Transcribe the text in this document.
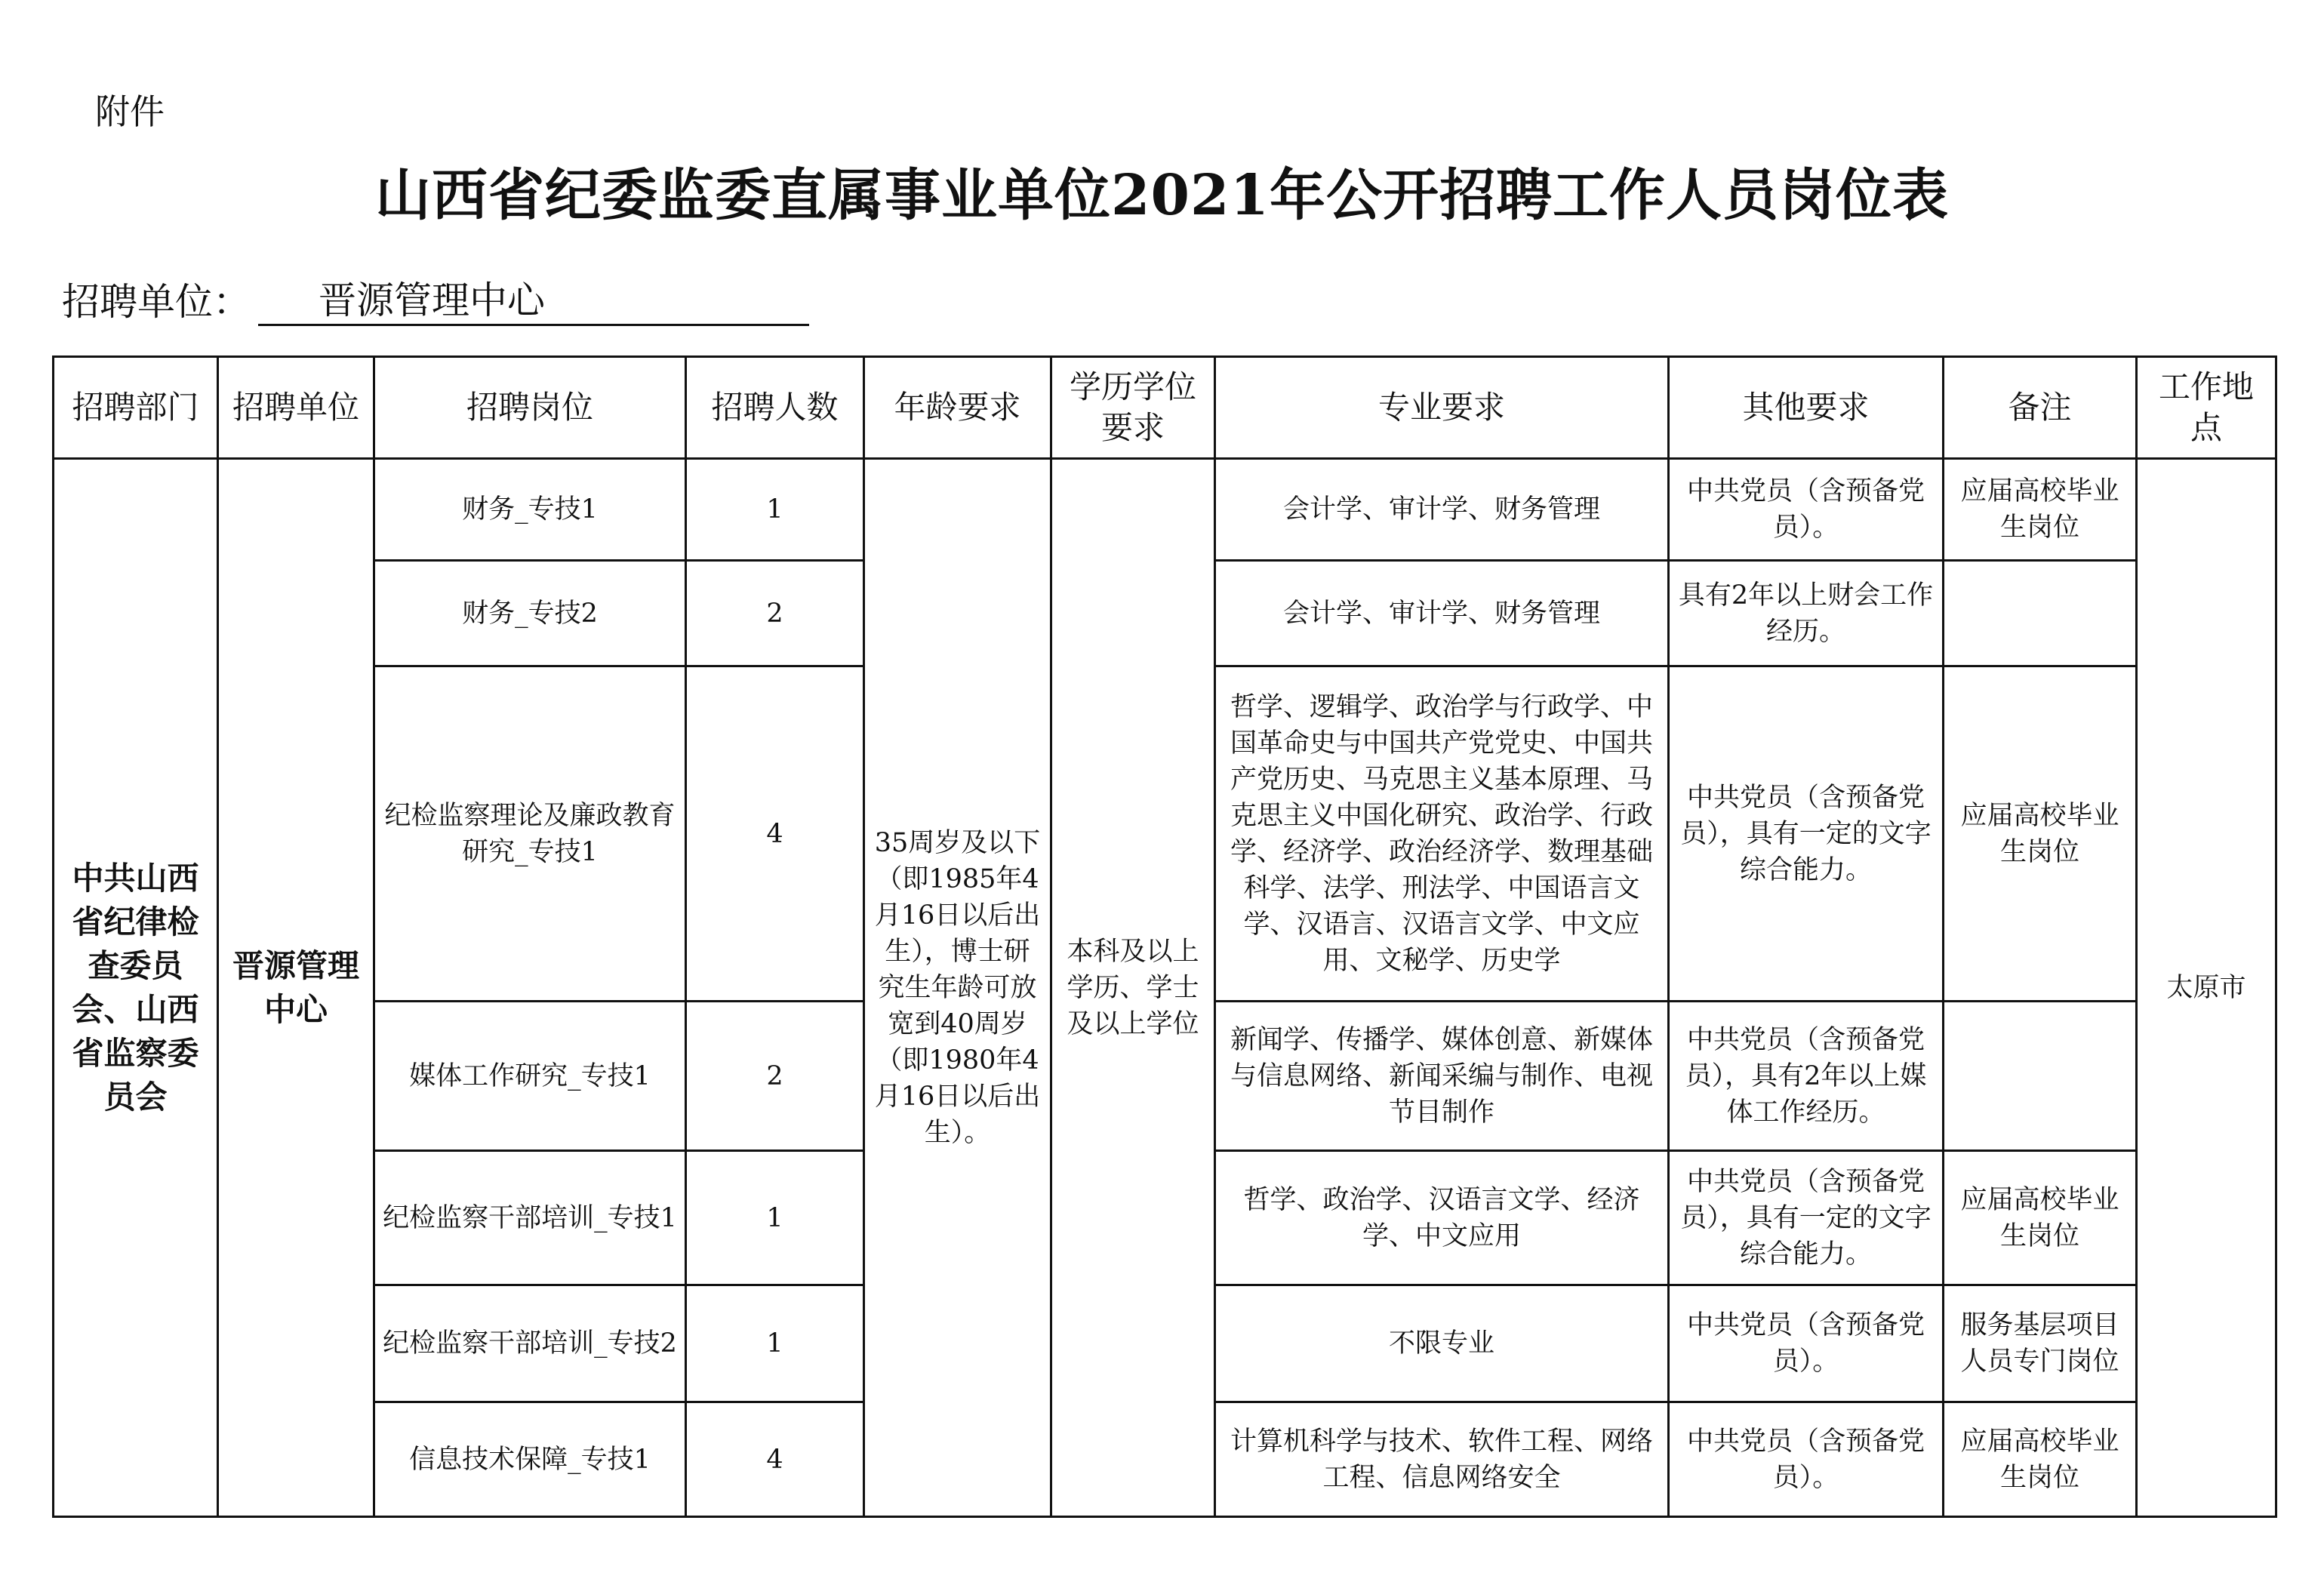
附件
山西省纪委监委直属事业单位2021年公开招聘工作人员岗位表
招聘单位：	晋源管理中心
招聘部门	招聘单位	招聘岗位	招聘人数	年龄要求	学历学位要求	专业要求	其他要求	备注	工作地点
中共山西省纪律检查委员会、山西省监察委员会	晋源管理中心	财务_专技1	1	35周岁及以下（即1985年4 月16日以后出生），博士研究生年龄可放宽到40周岁（即1980年4月16日以后出生）。	本科及以上学历、学士及以上学位	会计学、审计学、财务管理	中共党员（含预备党员）。	应届高校毕业生岗位	太原市
		财务_专技2	2			会计学、审计学、财务管理	具有2年以上财会工作经历。		
		纪检监察理论及廉政教育研究_专技1	4			哲学、逻辑学、政治学与行政学、中国革命史与中国共产党党史、中国共产党历史、马克思主义基本原理、马克思主义中国化研究、政治学、行政学、经济学、政治经济学、数理基础科学、法学、刑法学、中国语言文学、汉语言、汉语言文学、中文应用、文秘学、历史学	中共党员（含预备党员），具有一定的文字综合能力。	应届高校毕业生岗位	
		媒体工作研究_专技1	2			新闻学、传播学、媒体创意、新媒体与信息网络、新闻采编与制作、电视节目制作	中共党员（含预备党员），具有2年以上媒体工作经历。		
		纪检监察干部培训_专技1	1			哲学、政治学、汉语言文学、经济学、中文应用	中共党员（含预备党员），具有一定的文字综合能力。	应届高校毕业生岗位	
		纪检监察干部培训_专技2	1			不限专业	中共党员（含预备党员）。	服务基层项目人员专门岗位	
		信息技术保障_专技1	4			计算机科学与技术、软件工程、网络工程、信息网络安全	中共党员（含预备党员）。	应届高校毕业生岗位	
